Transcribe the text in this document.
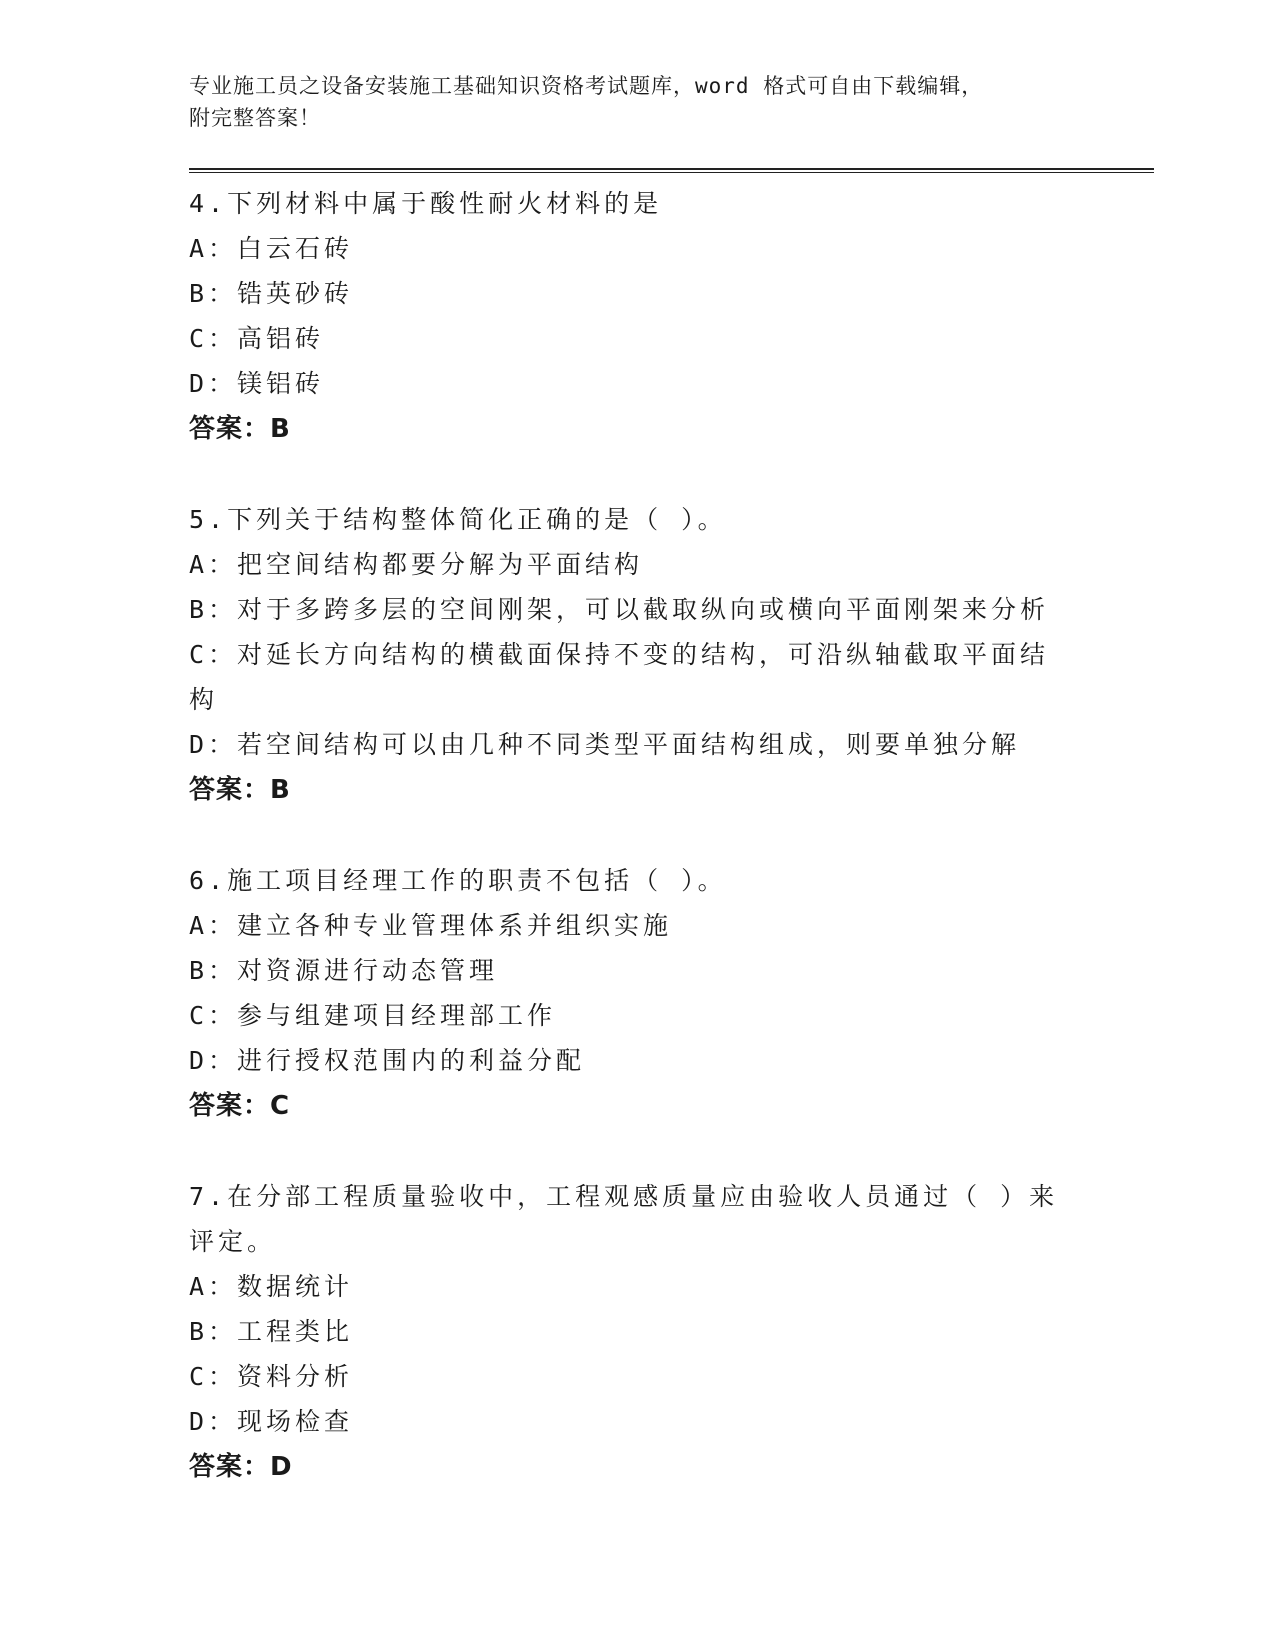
专业施工员之设备安装施工基础知识资格考试题库，word 格式可自由下载编辑，
附完整答案！
4.下列材料中属于酸性耐火材料的是
A：白云石砖
B：锆英砂砖
C：高铝砖
D：镁铝砖
答案：B
5.下列关于结构整体简化正确的是（ ）。
A：把空间结构都要分解为平面结构
B：对于多跨多层的空间刚架，可以截取纵向或横向平面刚架来分析
C：对延长方向结构的横截面保持不变的结构，可沿纵轴截取平面结构
D：若空间结构可以由几种不同类型平面结构组成，则要单独分解
答案：B
6.施工项目经理工作的职责不包括（ ）。
A：建立各种专业管理体系并组织实施
B：对资源进行动态管理
C：参与组建项目经理部工作
D：进行授权范围内的利益分配
答案：C
7.在分部工程质量验收中，工程观感质量应由验收人员通过（ ）来评定。
A：数据统计
B：工程类比
C：资料分析
D：现场检查
答案：D
